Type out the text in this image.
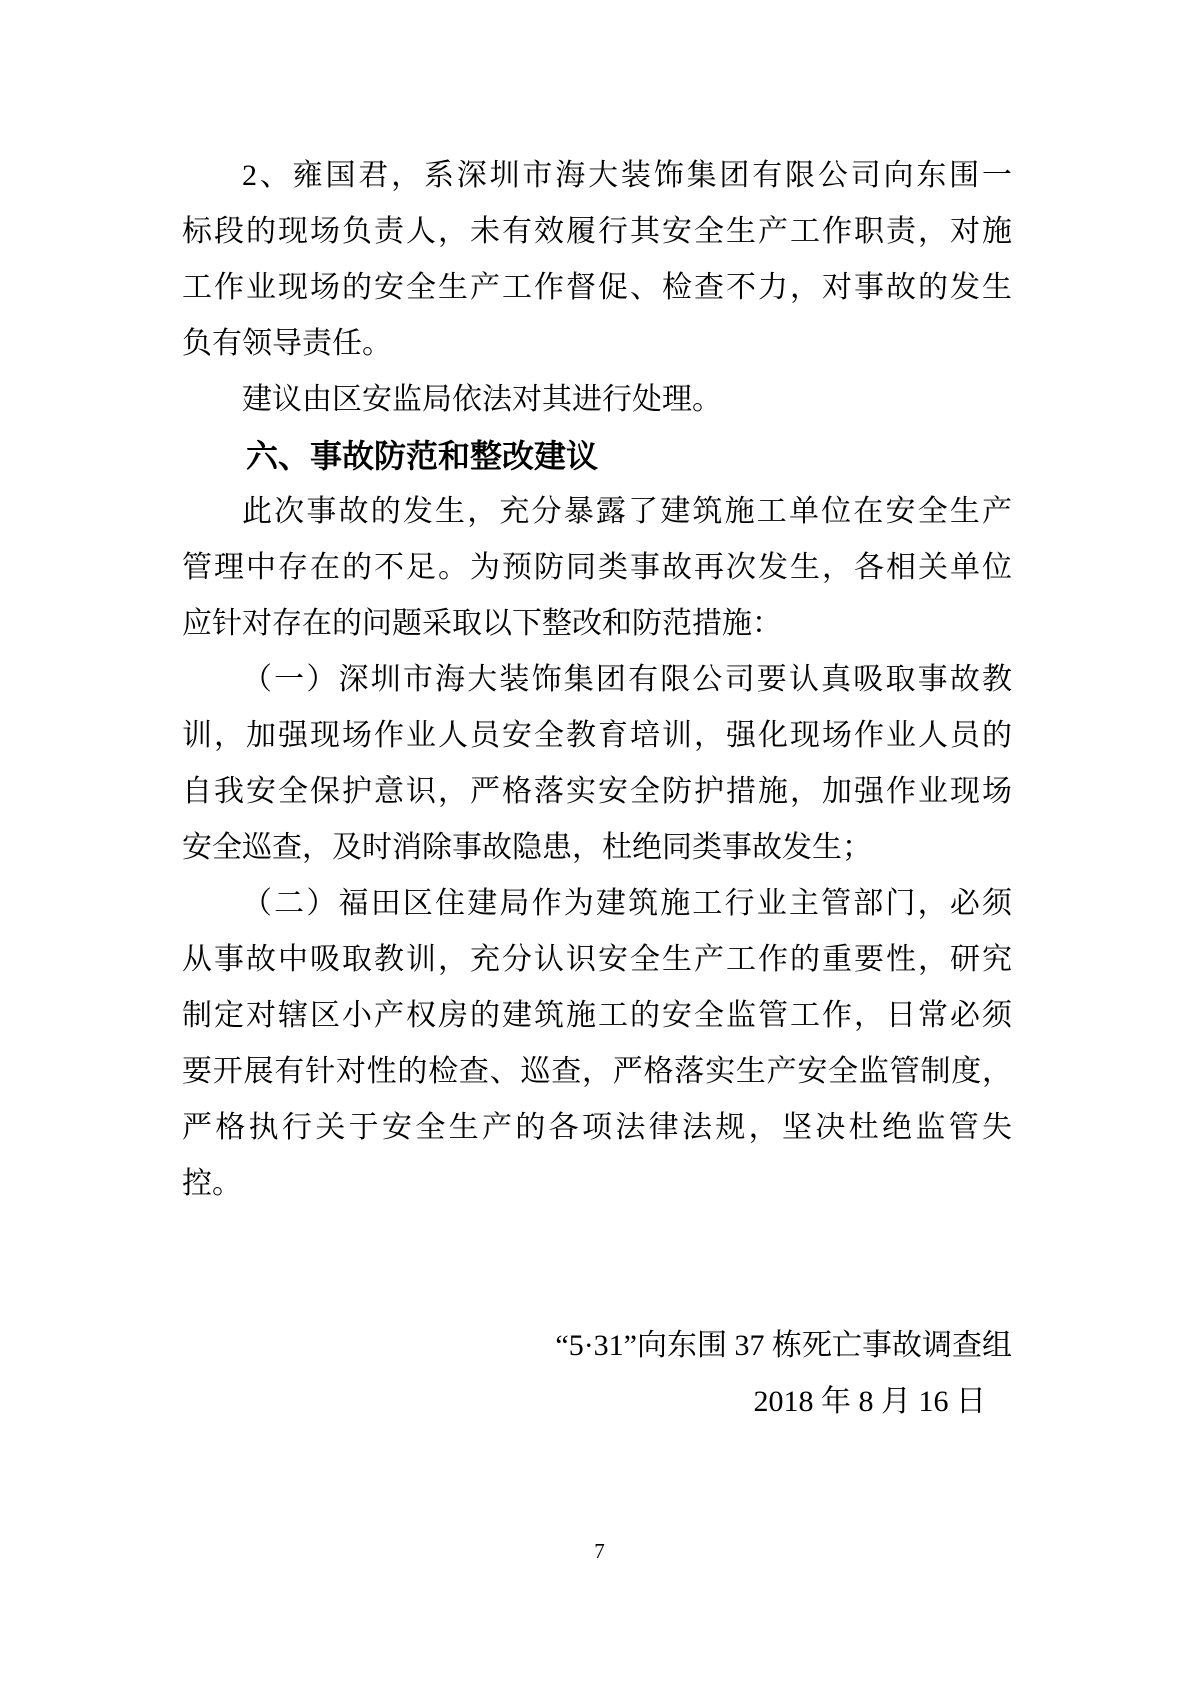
2、雍国君，系深圳市海大装饰集团有限公司向东围一
标段的现场负责人，未有效履行其安全生产工作职责，对施
工作业现场的安全生产工作督促、检查不力，对事故的发生
负有领导责任。
建议由区安监局依法对其进行处理。
六、事故防范和整改建议
此次事故的发生，充分暴露了建筑施工单位在安全生产
管理中存在的不足。为预防同类事故再次发生，各相关单位
应针对存在的问题采取以下整改和防范措施：
（一）深圳市海大装饰集团有限公司要认真吸取事故教
训，加强现场作业人员安全教育培训，强化现场作业人员的
自我安全保护意识，严格落实安全防护措施，加强作业现场
安全巡查，及时消除事故隐患，杜绝同类事故发生；
（二）福田区住建局作为建筑施工行业主管部门，必须
从事故中吸取教训，充分认识安全生产工作的重要性，研究
制定对辖区小产权房的建筑施工的安全监管工作，日常必须
要开展有针对性的检查、巡查，严格落实生产安全监管制度，
严格执行关于安全生产的各项法律法规，坚决杜绝监管失
控。
“5·31”向东围 37 栋死亡事故调查组
2018 年 8 月 16 日
7
